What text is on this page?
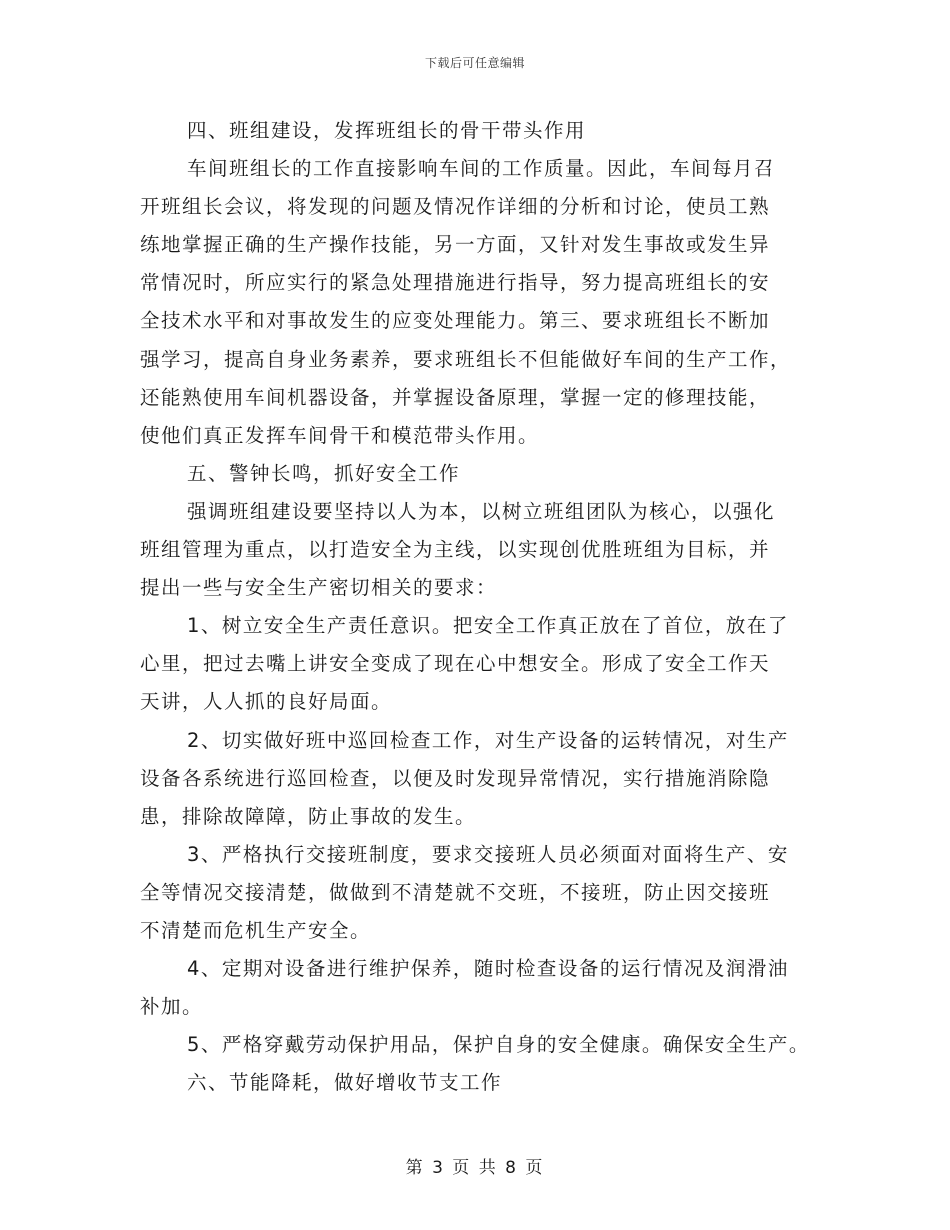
下载后可任意编辑
四、班组建设，发挥班组长的骨干带头作用
车间班组长的工作直接影响车间的工作质量。因此，车间每月召
开班组长会议，将发现的问题及情况作详细的分析和讨论，使员工熟
练地掌握正确的生产操作技能，另一方面，又针对发生事故或发生异
常情况时，所应实行的紧急处理措施进行指导，努力提高班组长的安
全技术水平和对事故发生的应变处理能力。第三、要求班组长不断加
强学习，提高自身业务素养，要求班组长不但能做好车间的生产工作，
还能熟使用车间机器设备，并掌握设备原理，掌握一定的修理技能，
使他们真正发挥车间骨干和模范带头作用。
五、警钟长鸣，抓好安全工作
强调班组建设要坚持以人为本，以树立班组团队为核心，以强化
班组管理为重点，以打造安全为主线，以实现创优胜班组为目标，并
提出一些与安全生产密切相关的要求：
1、树立安全生产责任意识。把安全工作真正放在了首位，放在了
心里，把过去嘴上讲安全变成了现在心中想安全。形成了安全工作天
天讲，人人抓的良好局面。
2、切实做好班中巡回检查工作，对生产设备的运转情况，对生产
设备各系统进行巡回检查，以便及时发现异常情况，实行措施消除隐
患，排除故障障，防止事故的发生。
3、严格执行交接班制度，要求交接班人员必须面对面将生产、安
全等情况交接清楚，做做到不清楚就不交班，不接班，防止因交接班
不清楚而危机生产安全。
4、定期对设备进行维护保养，随时检查设备的运行情况及润滑油
补加。
5、严格穿戴劳动保护用品，保护自身的安全健康。确保安全生产。
六、节能降耗，做好增收节支工作
第 3 页 共 8 页
